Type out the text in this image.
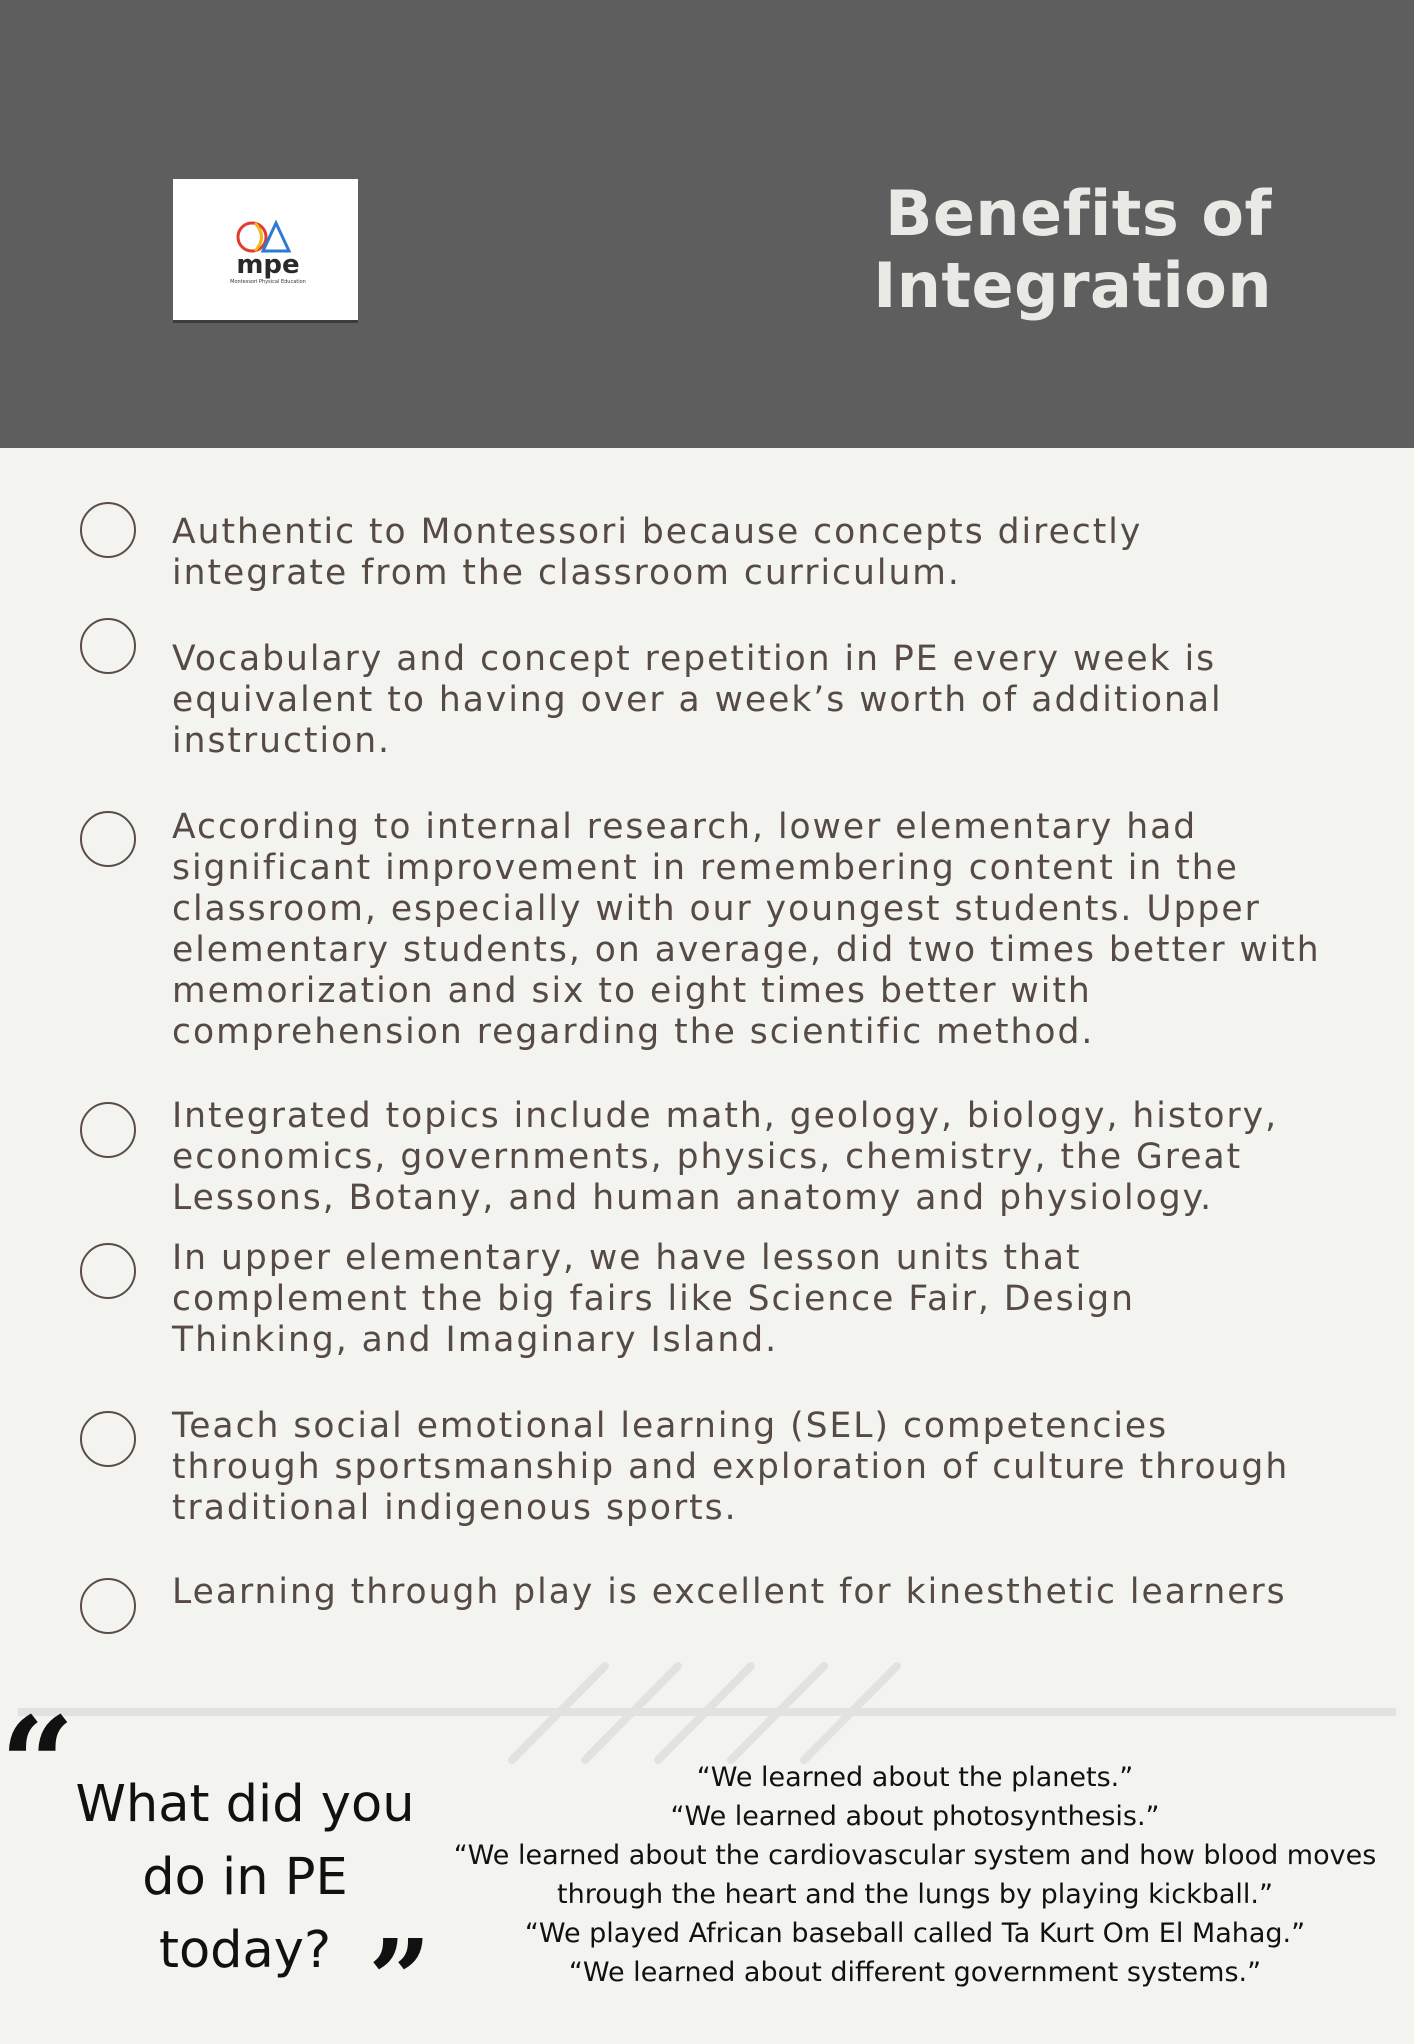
mpe
Montessori Physical Education
Benefits of
Integration
Authentic to Montessori because concepts directly
integrate from the classroom curriculum.
Vocabulary and concept repetition in PE every week is
equivalent to having over a week’s worth of additional
instruction.
According to internal research, lower elementary had
significant improvement in remembering content in the
classroom, especially with our youngest students. Upper
elementary students, on average, did two times better with
memorization and six to eight times better with
comprehension regarding the scientific method.
Integrated topics include math, geology, biology, history,
economics, governments, physics, chemistry, the Great
Lessons, Botany, and human anatomy and physiology.
In upper elementary, we have lesson units that
complement the big fairs like Science Fair, Design
Thinking, and Imaginary Island.
Teach social emotional learning (SEL) competencies
through sportsmanship and exploration of culture through
traditional indigenous sports.
Learning through play is excellent for kinesthetic learners
“ What did you
do in PE
today? ”
“We learned about the planets.”
“We learned about photosynthesis.”
“We learned about the cardiovascular system and how blood moves
through the heart and the lungs by playing kickball.”
“We played African baseball called Ta Kurt Om El Mahag.”
“We learned about different government systems.”
